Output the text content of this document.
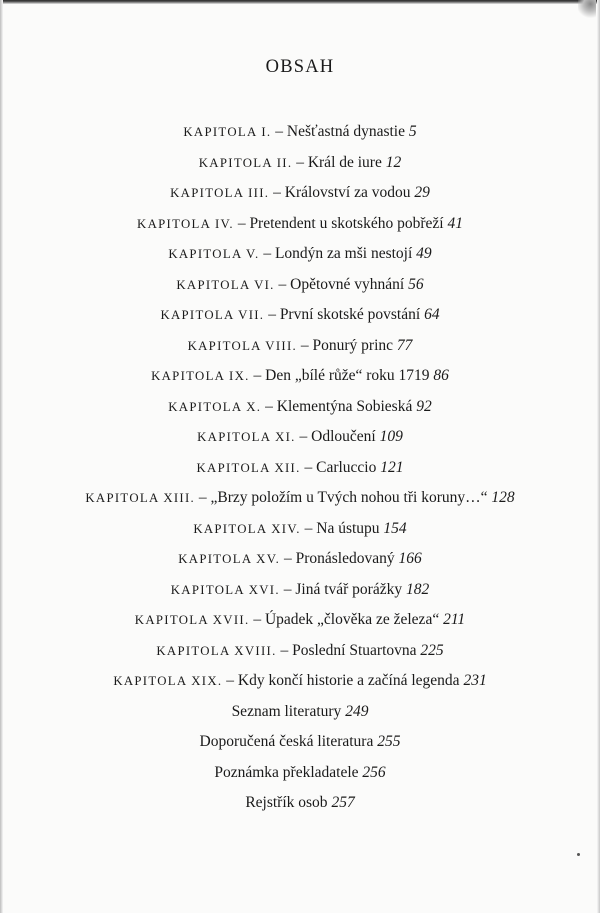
OBSAH
KAPITOLA I. – Nešťastná dynastie 5
KAPITOLA II. – Král de iure 12
KAPITOLA III. – Království za vodou 29
KAPITOLA IV. – Pretendent u skotského pobřeží 41
KAPITOLA V. – Londýn za mši nestojí 49
KAPITOLA VI. – Opětovné vyhnání 56
KAPITOLA VII. – První skotské povstání 64
KAPITOLA VIII. – Ponurý princ 77
KAPITOLA IX. – Den „bílé růže“ roku 1719 86
KAPITOLA X. – Klementýna Sobieská 92
KAPITOLA XI. – Odloučení 109
KAPITOLA XII. – Carluccio 121
KAPITOLA XIII. – „Brzy položím u Tvých nohou tři koruny…“ 128
KAPITOLA XIV. – Na ústupu 154
KAPITOLA XV. – Pronásledovaný 166
KAPITOLA XVI. – Jiná tvář porážky 182
KAPITOLA XVII. – Úpadek „člověka ze železa“ 211
KAPITOLA XVIII. – Poslední Stuartovna 225
KAPITOLA XIX. – Kdy končí historie a začíná legenda 231
Seznam literatury 249
Doporučená česká literatura 255
Poznámka překladatele 256
Rejstřík osob 257
